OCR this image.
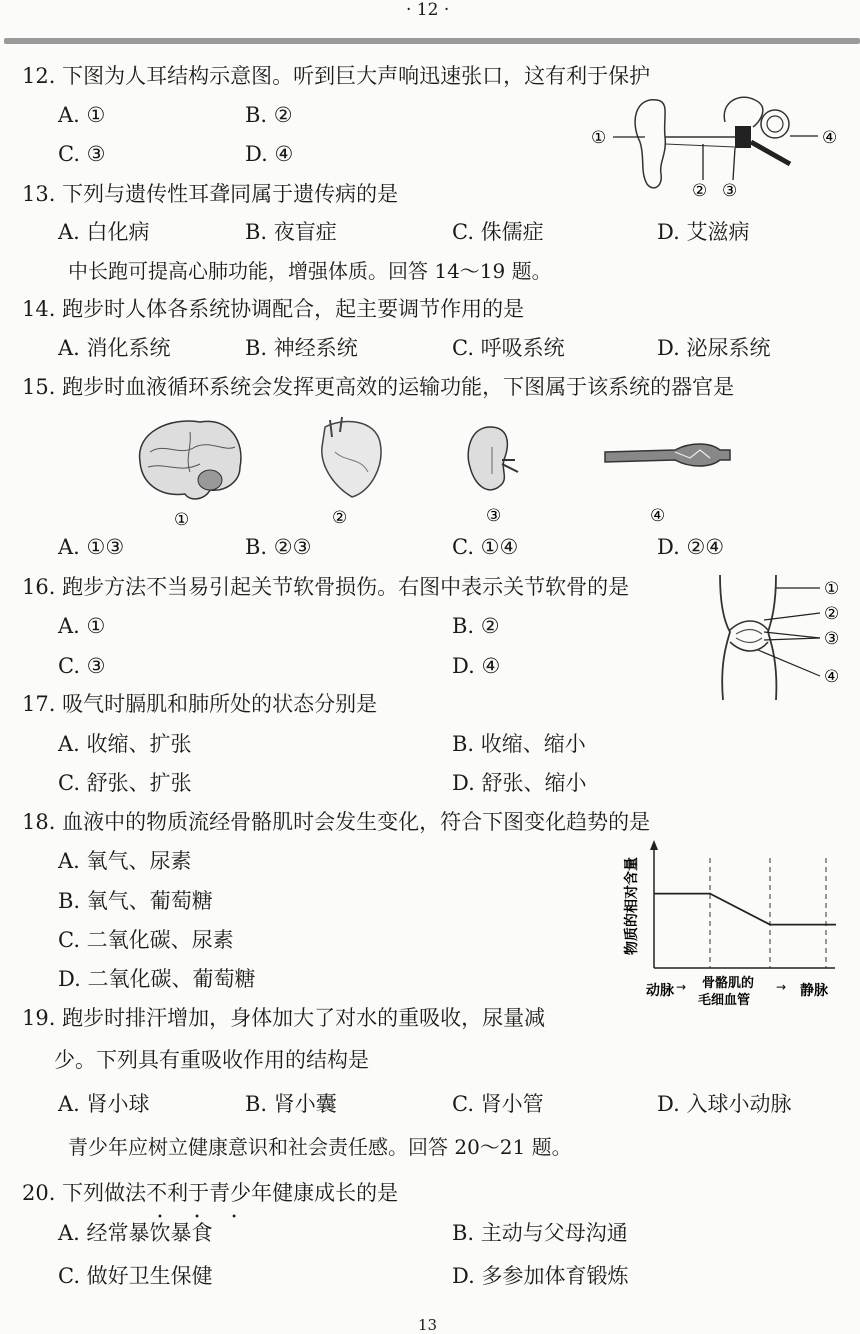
· 12 ·
12. 下图为人耳结构示意图。听到巨大声响迅速张口，这有利于保护
A. ①	B. ②
C. ③	D. ④
①
② ③
④
13. 下列与遗传性耳聋同属于遗传病的是
A. 白化病	B. 夜盲症	C. 侏儒症	D. 艾滋病
中长跑可提高心肺功能，增强体质。回答 14～19 题。
14. 跑步时人体各系统协调配合，起主要调节作用的是
A. 消化系统	B. 神经系统	C. 呼吸系统	D. 泌尿系统
15. 跑步时血液循环系统会发挥更高效的运输功能，下图属于该系统的器官是
①	②	③	④
A. ①③	B. ②③	C. ①④	D. ②④
16. 跑步方法不当易引起关节软骨损伤。右图中表示关节软骨的是
A. ①	B. ②
C. ③	D. ④
①
②
③
④
17. 吸气时膈肌和肺所处的状态分别是
A. 收缩、扩张	B. 收缩、缩小
C. 舒张、扩张	D. 舒张、缩小
18. 血液中的物质流经骨骼肌时会发生变化，符合下图变化趋势的是
A. 氧气、尿素
B. 氧气、葡萄糖
C. 二氧化碳、尿素
D. 二氧化碳、葡萄糖
物质的相对含量
动脉 → 骨骼肌的
毛细血管
→ 静脉
19. 跑步时排汗增加，身体加大了对水的重吸收，尿量减
少。下列具有重吸收作用的结构是
A. 肾小球	B. 肾小囊	C. 肾小管	D. 入球小动脉
青少年应树立健康意识和社会责任感。回答 20～21 题。
20. 下列做法不利于青少年健康成长的是
• • •
A. 经常暴饮暴食	B. 主动与父母沟通
C. 做好卫生保健	D. 多参加体育锻炼
13
